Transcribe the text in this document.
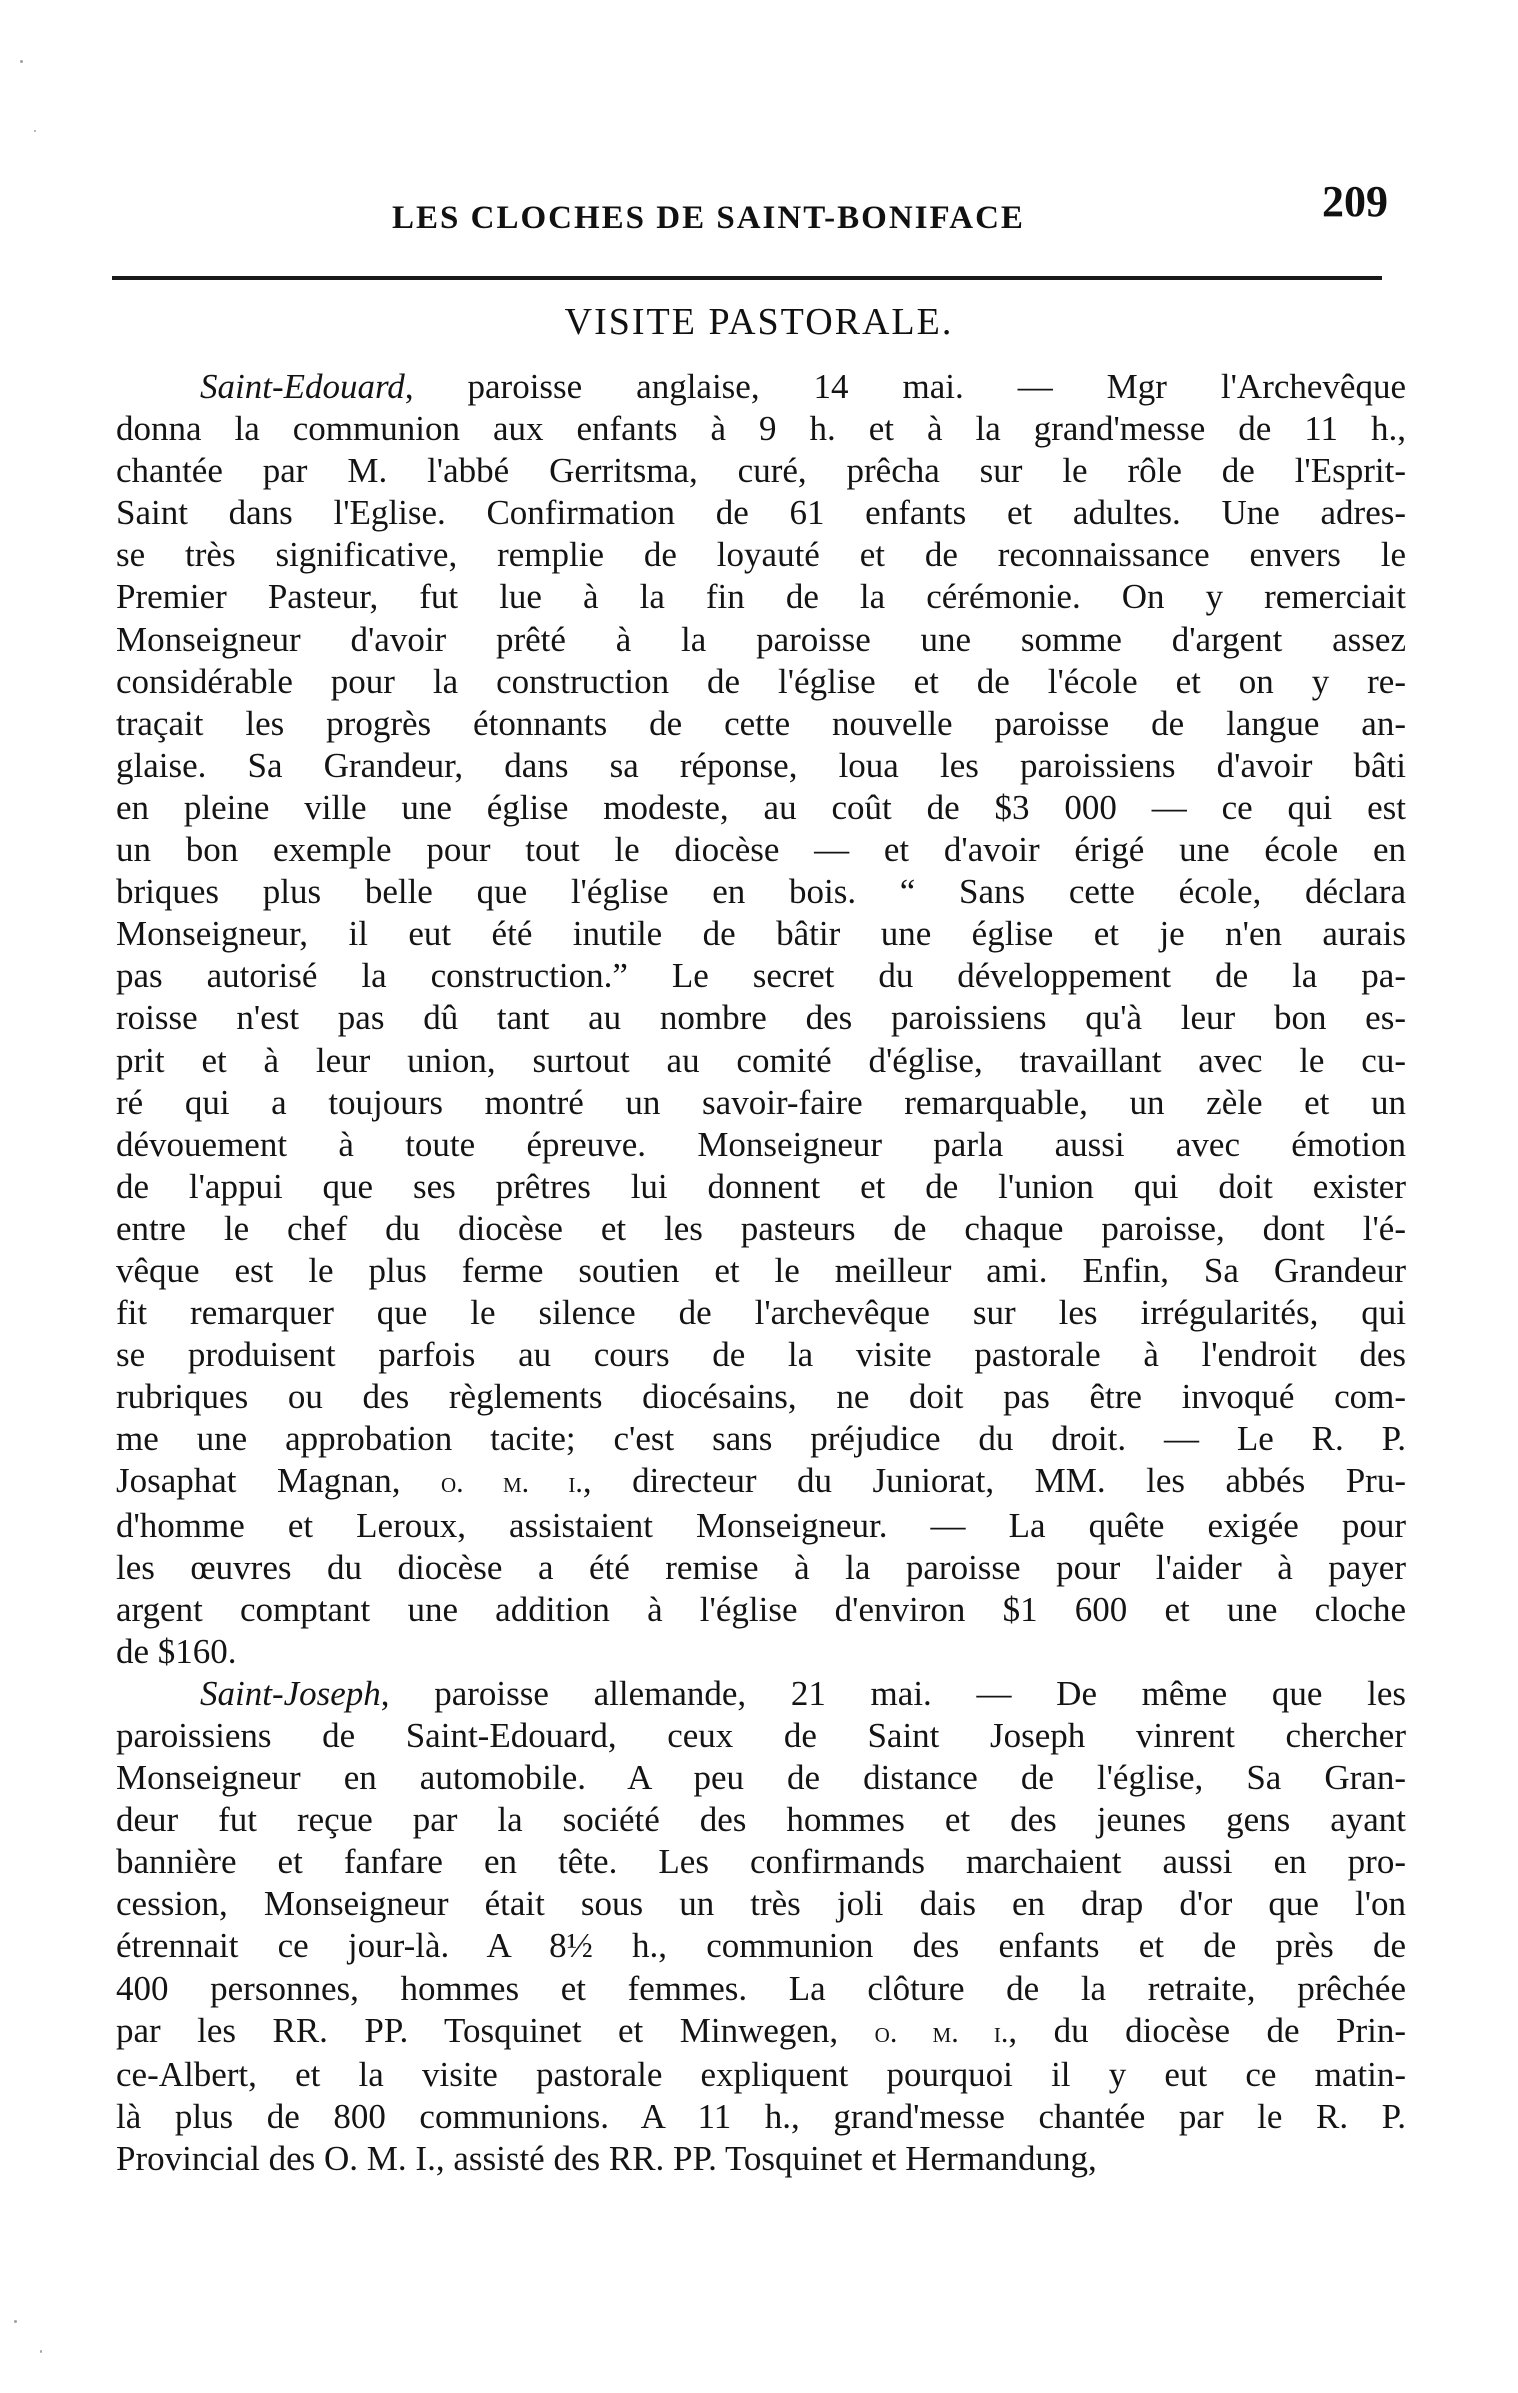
LES CLOCHES DE SAINT-BONIFACE	209
VISITE PASTORALE.
Saint-Edouard, paroisse anglaise, 14 mai. — Mgr l'Archevêque
donna la communion aux enfants à 9 h. et à la grand'messe de 11 h.,
chantée par M. l'abbé Gerritsma, curé, prêcha sur le rôle de l'Esprit-
Saint dans l'Eglise. Confirmation de 61 enfants et adultes. Une adres-
se très significative, remplie de loyauté et de reconnaissance envers le
Premier Pasteur, fut lue à la fin de la cérémonie. On y remerciait
Monseigneur d'avoir prêté à la paroisse une somme d'argent assez
considérable pour la construction de l'église et de l'école et on y re-
traçait les progrès étonnants de cette nouvelle paroisse de langue an-
glaise. Sa Grandeur, dans sa réponse, loua les paroissiens d'avoir bâti
en pleine ville une église modeste, au coût de $3 000 — ce qui est
un bon exemple pour tout le diocèse — et d'avoir érigé une école en
briques plus belle que l'église en bois. “ Sans cette école, déclara
Monseigneur, il eut été inutile de bâtir une église et je n'en aurais
pas autorisé la construction.” Le secret du développement de la pa-
roisse n'est pas dû tant au nombre des paroissiens qu'à leur bon es-
prit et à leur union, surtout au comité d'église, travaillant avec le cu-
ré qui a toujours montré un savoir-faire remarquable, un zèle et un
dévouement à toute épreuve. Monseigneur parla aussi avec émotion
de l'appui que ses prêtres lui donnent et de l'union qui doit exister
entre le chef du diocèse et les pasteurs de chaque paroisse, dont l'é-
vêque est le plus ferme soutien et le meilleur ami. Enfin, Sa Grandeur
fit remarquer que le silence de l'archevêque sur les irrégularités, qui
se produisent parfois au cours de la visite pastorale à l'endroit des
rubriques ou des règlements diocésains, ne doit pas être invoqué com-
me une approbation tacite; c'est sans préjudice du droit. — Le R. P.
Josaphat Magnan, o. m. i., directeur du Juniorat, MM. les abbés Pru-
d'homme et Leroux, assistaient Monseigneur. — La quête exigée pour
les œuvres du diocèse a été remise à la paroisse pour l'aider à payer
argent comptant une addition à l'église d'environ $1 600 et une cloche
de $160.
Saint-Joseph, paroisse allemande, 21 mai. — De même que les
paroissiens de Saint-Edouard, ceux de Saint Joseph vinrent chercher
Monseigneur en automobile. A peu de distance de l'église, Sa Gran-
deur fut reçue par la société des hommes et des jeunes gens ayant
bannière et fanfare en tête. Les confirmands marchaient aussi en pro-
cession, Monseigneur était sous un très joli dais en drap d'or que l'on
étrennait ce jour-là. A 8½ h., communion des enfants et de près de
400 personnes, hommes et femmes. La clôture de la retraite, prêchée
par les RR. PP. Tosquinet et Minwegen, o. m. i., du diocèse de Prin-
ce-Albert, et la visite pastorale expliquent pourquoi il y eut ce matin-
là plus de 800 communions. A 11 h., grand'messe chantée par le R. P.
Provincial des O. M. I., assisté des RR. PP. Tosquinet et Hermandung,
